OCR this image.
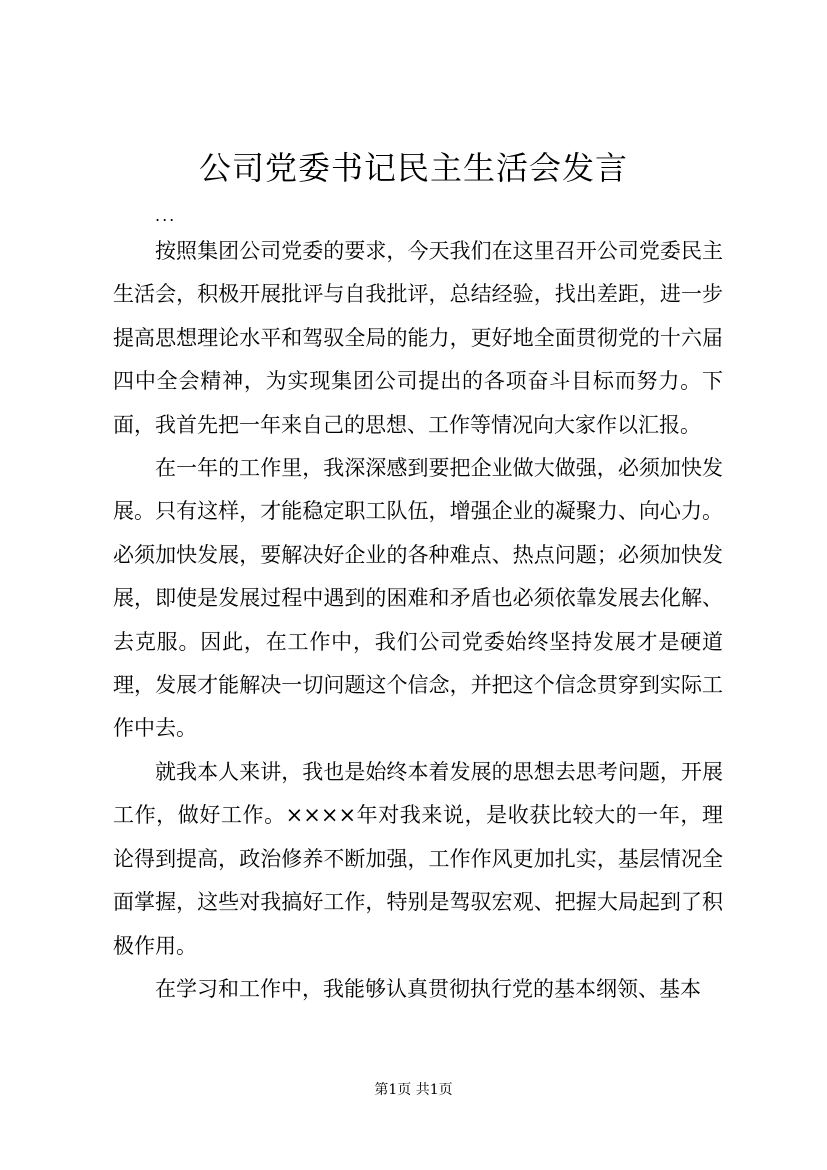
公司党委书记民主生活会发言
...

按照集团公司党委的要求，今天我们在这里召开公司党委民主生活会，积极开展批评与自我批评，总结经验，找出差距，进一步提高思想理论水平和驾驭全局的能力，更好地全面贯彻党的十六届四中全会精神，为实现集团公司提出的各项奋斗目标而努力。下面，我首先把一年来自己的思想、工作等情况向大家作以汇报。

在一年的工作里，我深深感到要把企业做大做强，必须加快发展。只有这样，才能稳定职工队伍，增强企业的凝聚力、向心力。必须加快发展，要解决好企业的各种难点、热点问题；必须加快发展，即使是发展过程中遇到的困难和矛盾也必须依靠发展去化解、去克服。因此，在工作中，我们公司党委始终坚持发展才是硬道理，发展才能解决一切问题这个信念，并把这个信念贯穿到实际工作中去。

就我本人来讲，我也是始终本着发展的思想去思考问题，开展工作，做好工作。××××年对我来说，是收获比较大的一年，理论得到提高，政治修养不断加强，工作作风更加扎实，基层情况全面掌握，这些对我搞好工作，特别是驾驭宏观、把握大局起到了积极作用。

在学习和工作中，我能够认真贯彻执行党的基本纲领、基本

第1页 共1页
